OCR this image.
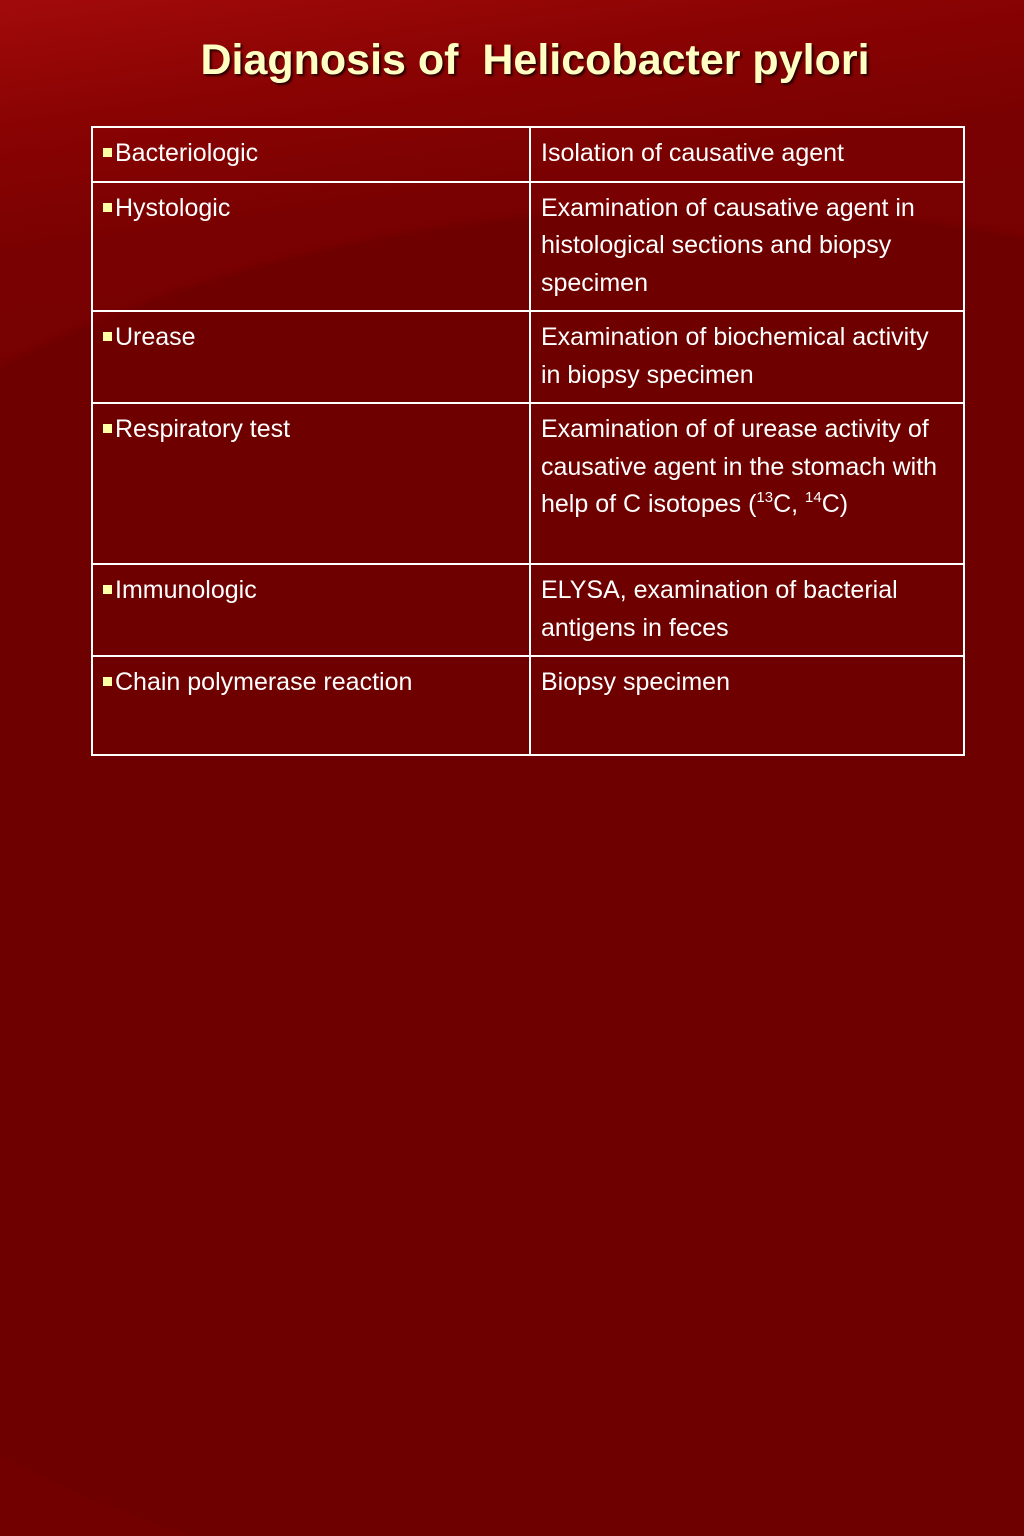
Diagnosis of  Helicobacter pylori
Bacteriologic	Isolation of causative agent
Hystologic	Examination of causative agent in histological sections and biopsy specimen
Urease	Examination of biochemical activity in biopsy specimen
Respiratory test	Examination of of urease activity of causative agent in the stomach with help of C isotopes ($^{13}$C, $^{14}$C)
Immunologic	ELYSA, examination of bacterial antigens in feces
Chain polymerase reaction	Biopsy specimen
